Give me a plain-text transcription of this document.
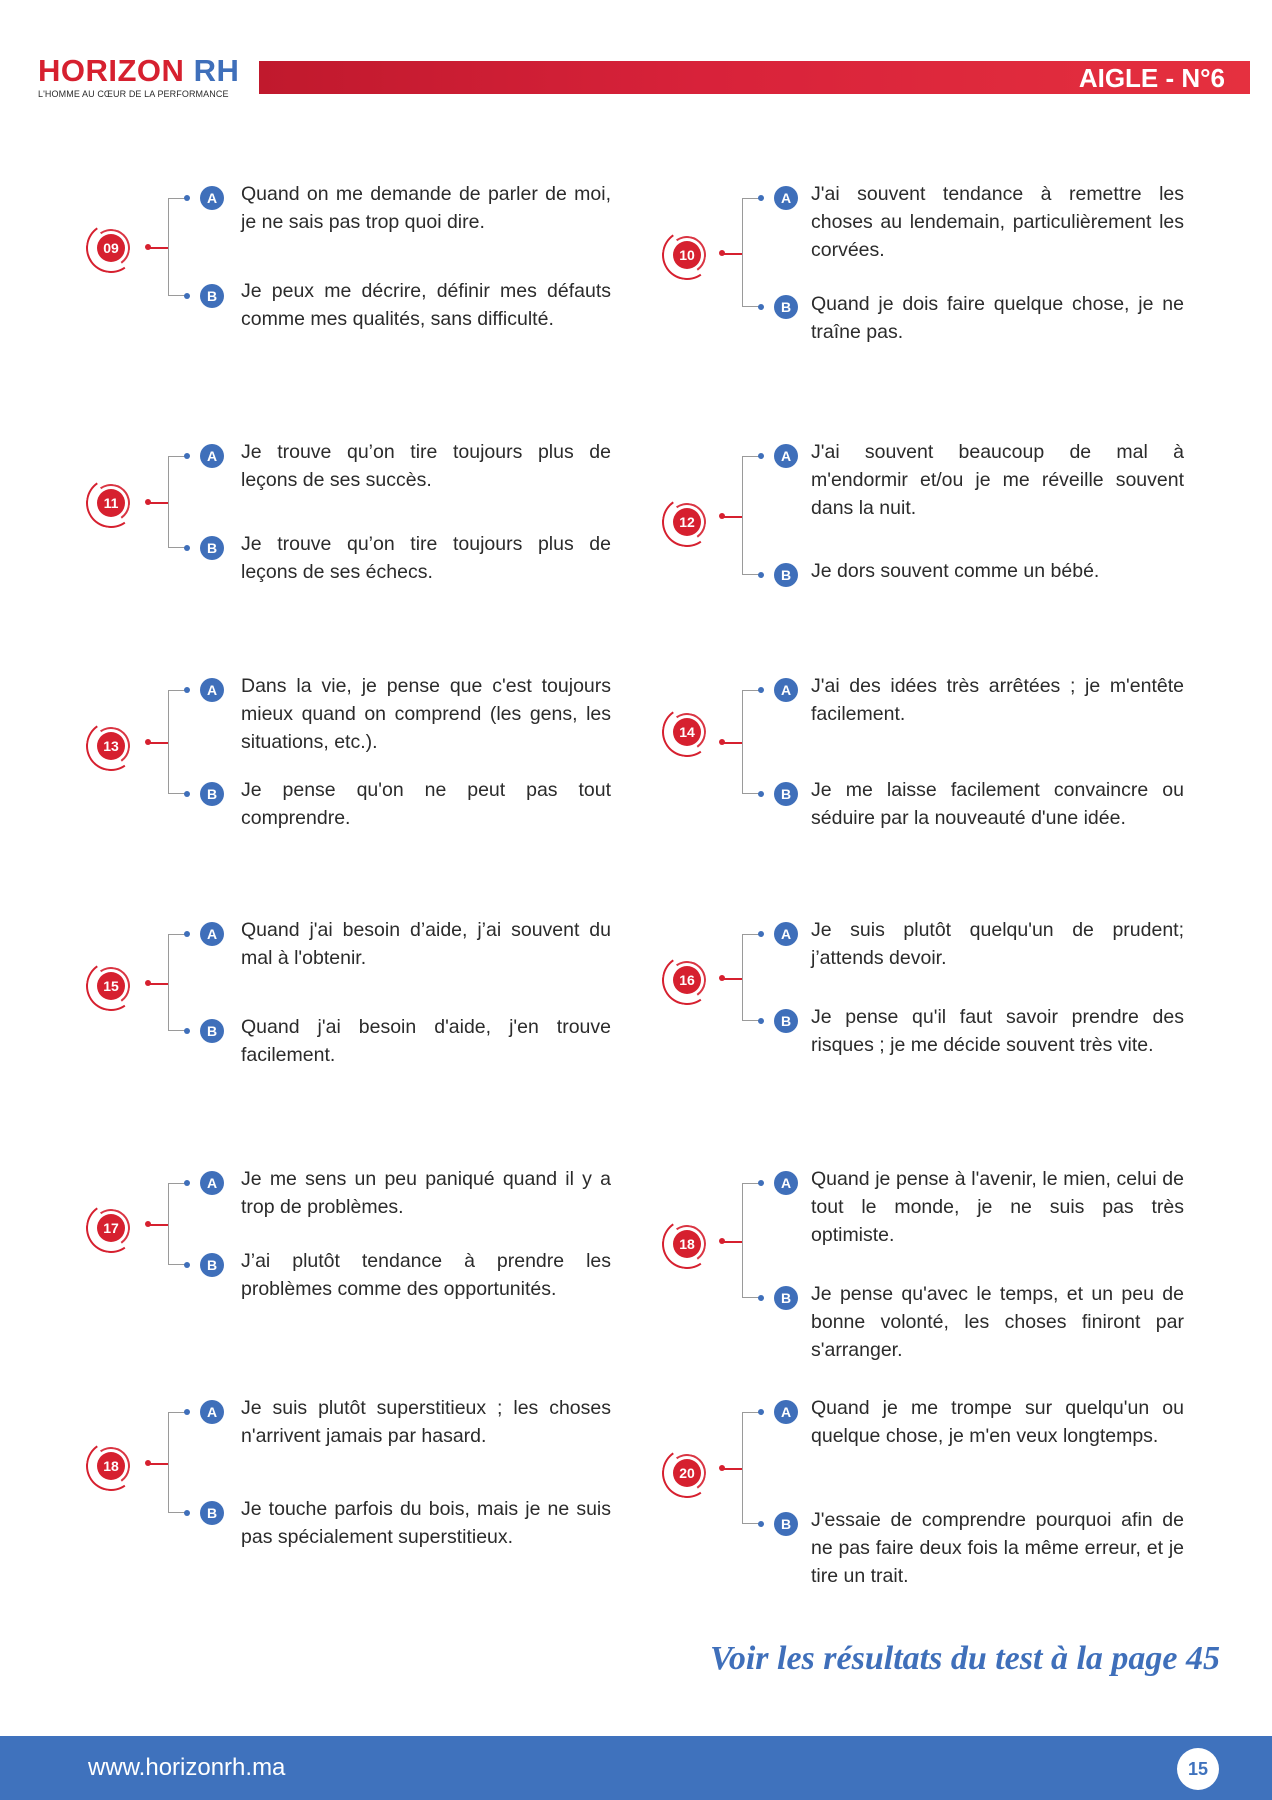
HORIZON RH
L'HOMME AU CŒUR DE LA PERFORMANCE
AIGLE - N°6
09
A	Quand on me demande de parler de moi, je ne sais pas trop quoi dire.
B	Je peux me décrire, définir mes défauts comme mes qualités, sans difficulté.
10
A	J'ai souvent tendance à remettre les choses au lendemain, particulièrement les corvées.
B	Quand je dois faire quelque chose, je ne traîne pas.
11
A	Je trouve qu’on tire toujours plus de leçons de ses succès.
B	Je trouve qu’on tire toujours plus de leçons de ses échecs.
12
A	J'ai souvent beaucoup de mal à m'endormir et/ou je me réveille souvent dans la nuit.
B	Je dors souvent comme un bébé.
13
A	Dans la vie, je pense que c'est toujours mieux quand on comprend (les gens, les situations, etc.).
B	Je pense qu'on ne peut pas tout comprendre.
14
A	J'ai des idées très arrêtées ; je m'entête facilement.
B	Je me laisse facilement convaincre ou séduire par la nouveauté d'une idée.
15
A	Quand j'ai besoin d’aide, j’ai souvent du mal à l'obtenir.
B	Quand j'ai besoin d'aide, j'en trouve facilement.
16
A	Je suis plutôt quelqu'un de prudent; j’attends devoir.
B	Je pense qu'il faut savoir prendre des risques ; je me décide souvent très vite.
17
A	Je me sens un peu paniqué quand il y a trop de problèmes.
B	J’ai plutôt tendance à prendre les problèmes comme des opportunités.
18
A	Quand je pense à l'avenir, le mien, celui de tout le monde, je ne suis pas très optimiste.
B	Je pense qu'avec le temps, et un peu de bonne volonté, les choses finiront par s'arranger.
18
A	Je suis plutôt superstitieux ; les choses n'arrivent jamais par hasard.
B	Je touche parfois du bois, mais je ne suis pas spécialement superstitieux.
20
A	Quand je me trompe sur quelqu'un ou quelque chose, je m'en veux longtemps.
B	J'essaie de comprendre pourquoi afin de ne pas faire deux fois la même erreur, et je tire un trait.
Voir les résultats du test à la page 45
www.horizonrh.ma	15
